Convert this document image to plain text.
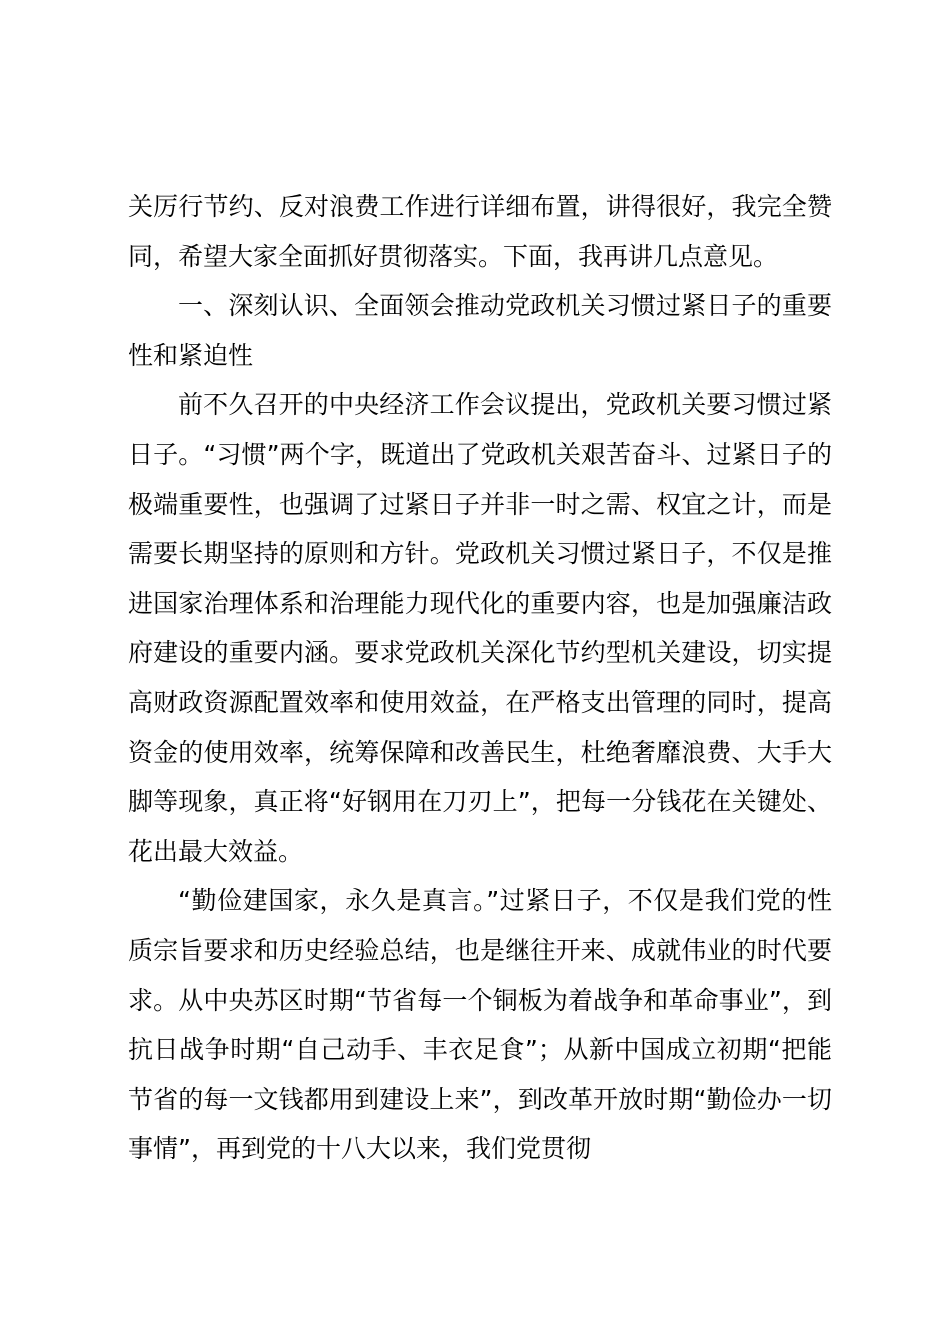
关厉行节约、反对浪费工作进行详细布置，讲得很好，我完全赞同，希望大家全面抓好贯彻落实。下面，我再讲几点意见。

一、深刻认识、全面领会推动党政机关习惯过紧日子的重要性和紧迫性

前不久召开的中央经济工作会议提出，党政机关要习惯过紧日子。“习惯”两个字，既道出了党政机关艰苦奋斗、过紧日子的极端重要性，也强调了过紧日子并非一时之需、权宜之计，而是需要长期坚持的原则和方针。党政机关习惯过紧日子，不仅是推进国家治理体系和治理能力现代化的重要内容，也是加强廉洁政府建设的重要内涵。要求党政机关深化节约型机关建设，切实提高财政资源配置效率和使用效益，在严格支出管理的同时，提高资金的使用效率，统筹保障和改善民生，杜绝奢靡浪费、大手大脚等现象，真正将“好钢用在刀刃上”，把每一分钱花在关键处、花出最大效益。

“勤俭建国家，永久是真言。”过紧日子，不仅是我们党的性质宗旨要求和历史经验总结，也是继往开来、成就伟业的时代要求。从中央苏区时期“节省每一个铜板为着战争和革命事业”，到抗日战争时期“自己动手、丰衣足食”；从新中国成立初期“把能节省的每一文钱都用到建设上来”，到改革开放时期“勤俭办一切事情”，再到党的十八大以来，我们党贯彻
